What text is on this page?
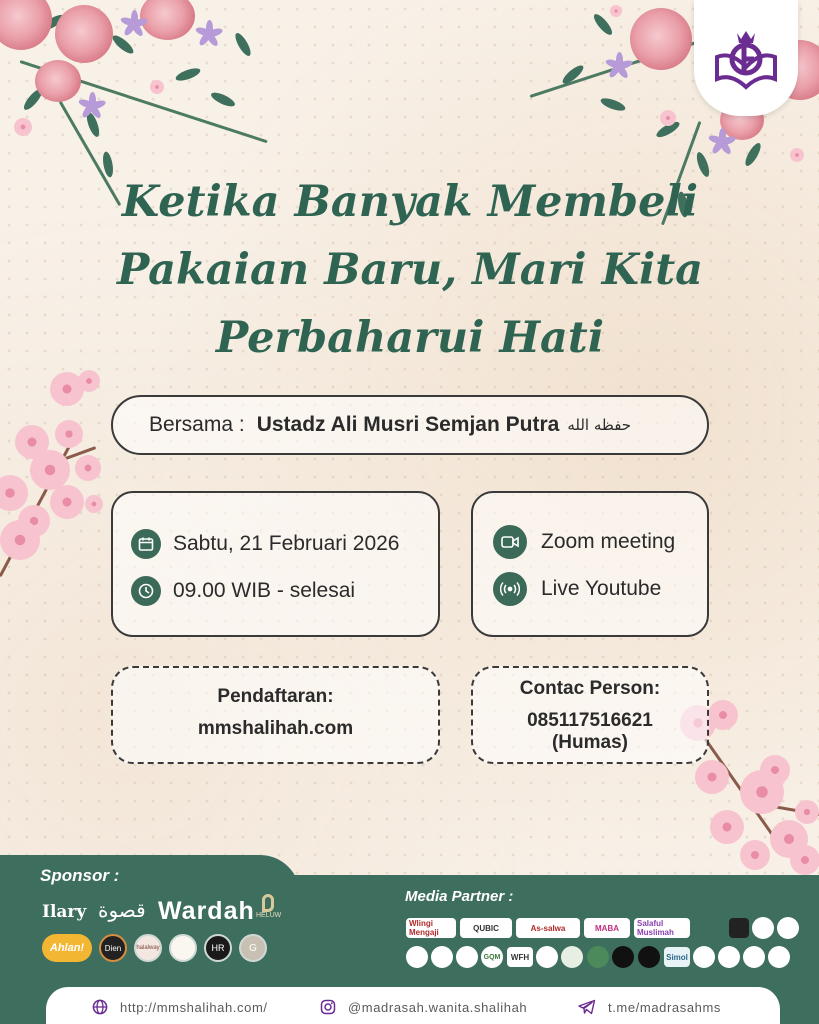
Ketika Banyak Membeli
Pakaian Baru, Mari Kita
Perbaharui Hati
Bersama : Ustadz Ali Musri Semjan Putra حفظه الله
Sabtu, 21 Februari 2026
09.00 WIB - selesai
Zoom meeting
Live Youtube
Pendaftaran:
mmshalihah.com
Contac Person:
085117516621
(Humas)
Sponsor :
Ilary قصوة Wardah HELUW
Ahlan!	Dien	halalway	HR	G
Media Partner :
Wlingi Mengaji	QUBIC	As-salwa	MABA	Salaful Muslimah
GQM	WFH	Simol
http://mmshalihah.com/	@madrasah.wanita.shalihah	t.me/madrasahms
